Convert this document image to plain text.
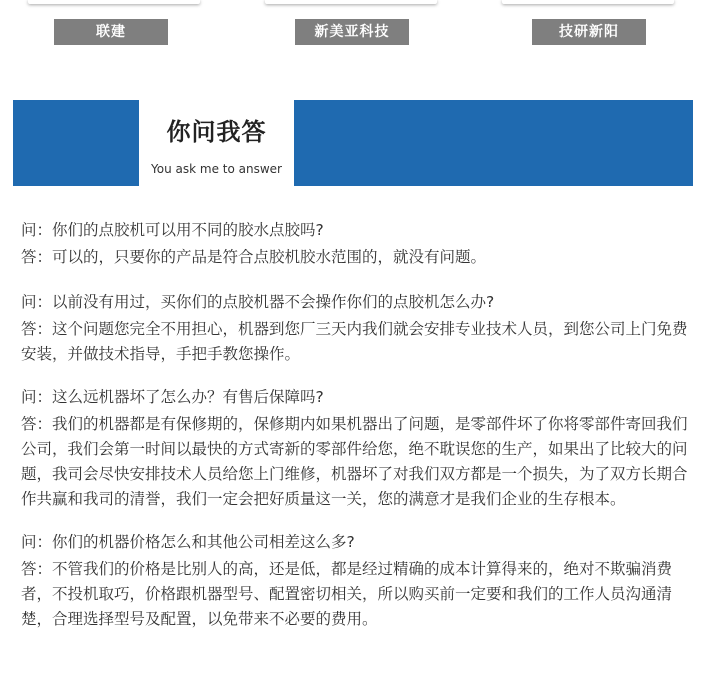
联建	新美亚科技	技研新阳
你问我答
You ask me to answer

问：你们的点胶机可以用不同的胶水点胶吗?

答：可以的，只要你的产品是符合点胶机胶水范围的，就没有问题。

问：以前没有用过，买你们的点胶机器不会操作你们的点胶机怎么办?

答：这个问题您完全不用担心，机器到您厂三天内我们就会安排专业技术人员，到您公司上门免费安装，并做技术指导，手把手教您操作。

问：这么远机器坏了怎么办？有售后保障吗?

答：我们的机器都是有保修期的，保修期内如果机器出了问题，是零部件坏了你将零部件寄回我们公司，我们会第一时间以最快的方式寄新的零部件给您，绝不耽误您的生产，如果出了比较大的问题，我司会尽快安排技术人员给您上门维修，机器坏了对我们双方都是一个损失，为了双方长期合作共赢和我司的清誉，我们一定会把好质量这一关，您的满意才是我们企业的生存根本。

问：你们的机器价格怎么和其他公司相差这么多?

答：不管我们的价格是比别人的高，还是低，都是经过精确的成本计算得来的，绝对不欺骗消费者，不投机取巧，价格跟机器型号、配置密切相关，所以购买前一定要和我们的工作人员沟通清楚，合理选择型号及配置，以免带来不必要的费用。
